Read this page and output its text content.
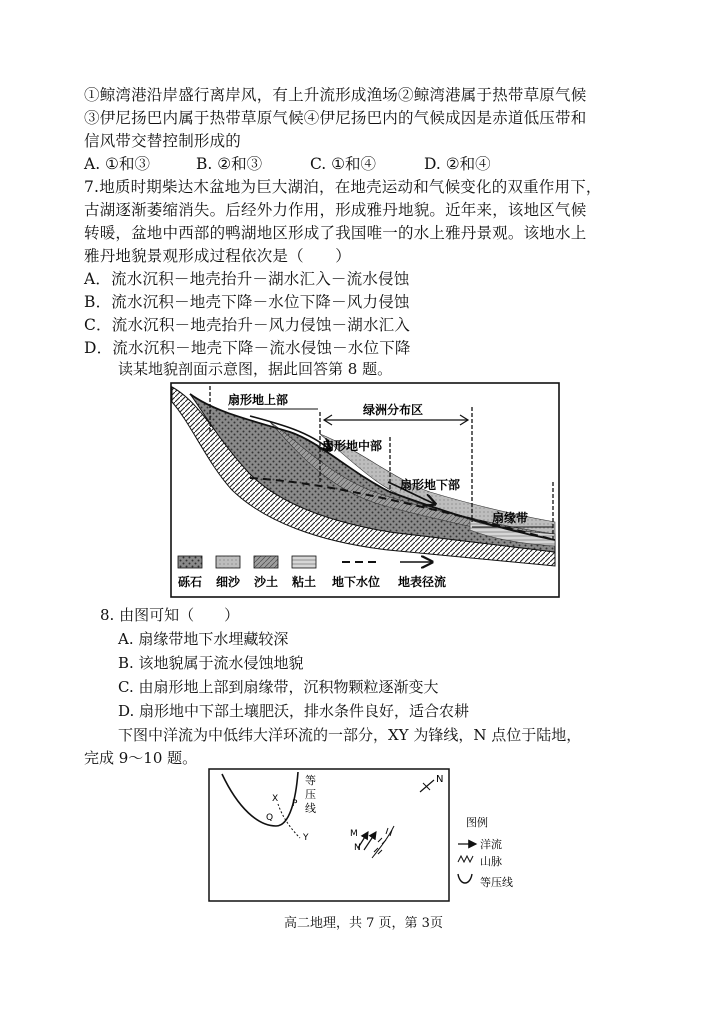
①鲸湾港沿岸盛行离岸风，有上升流形成渔场②鲸湾港属于热带草原气候
③伊尼扬巴内属于热带草原气候④伊尼扬巴内的气候成因是赤道低压带和
信风带交替控制形成的
A. ①和③	B. ②和③	C. ①和④	D. ②和④
7.地质时期柴达木盆地为巨大湖泊，在地壳运动和气候变化的双重作用下，
古湖逐渐萎缩消失。后经外力作用，形成雅丹地貌。近年来，该地区气候
转暖，盆地中西部的鸭湖地区形成了我国唯一的水上雅丹景观。该地水上
雅丹地貌景观形成过程依次是（　　）
A．流水沉积－地壳抬升－湖水汇入－流水侵蚀
B．流水沉积－地壳下降－水位下降－风力侵蚀
C．流水沉积－地壳抬升－风力侵蚀－湖水汇入
D．流水沉积－地壳下降－流水侵蚀－水位下降
读某地貌剖面示意图，据此回答第 8 题。
扇形地上部
绿洲分布区
扇形地中部
扇形地下部
扇缘带
砾石 细沙 沙土 粘土 地下水位 地表径流
8. 由图可知（　　）
A. 扇缘带地下水埋藏较深
B. 该地貌属于流水侵蚀地貌
C. 由扇形地上部到扇缘带，沉积物颗粒逐渐变大
D. 扇形地中下部土壤肥沃，排水条件良好，适合农耕
下图中洋流为中低纬大洋环流的一部分，XY 为锋线，N 点位于陆地，
完成 9～10 题。
等
压
线
X P
Q
Y
N
M
N
图例
洋流
山脉
等压线
高二地理，共 7 页，第 3页
